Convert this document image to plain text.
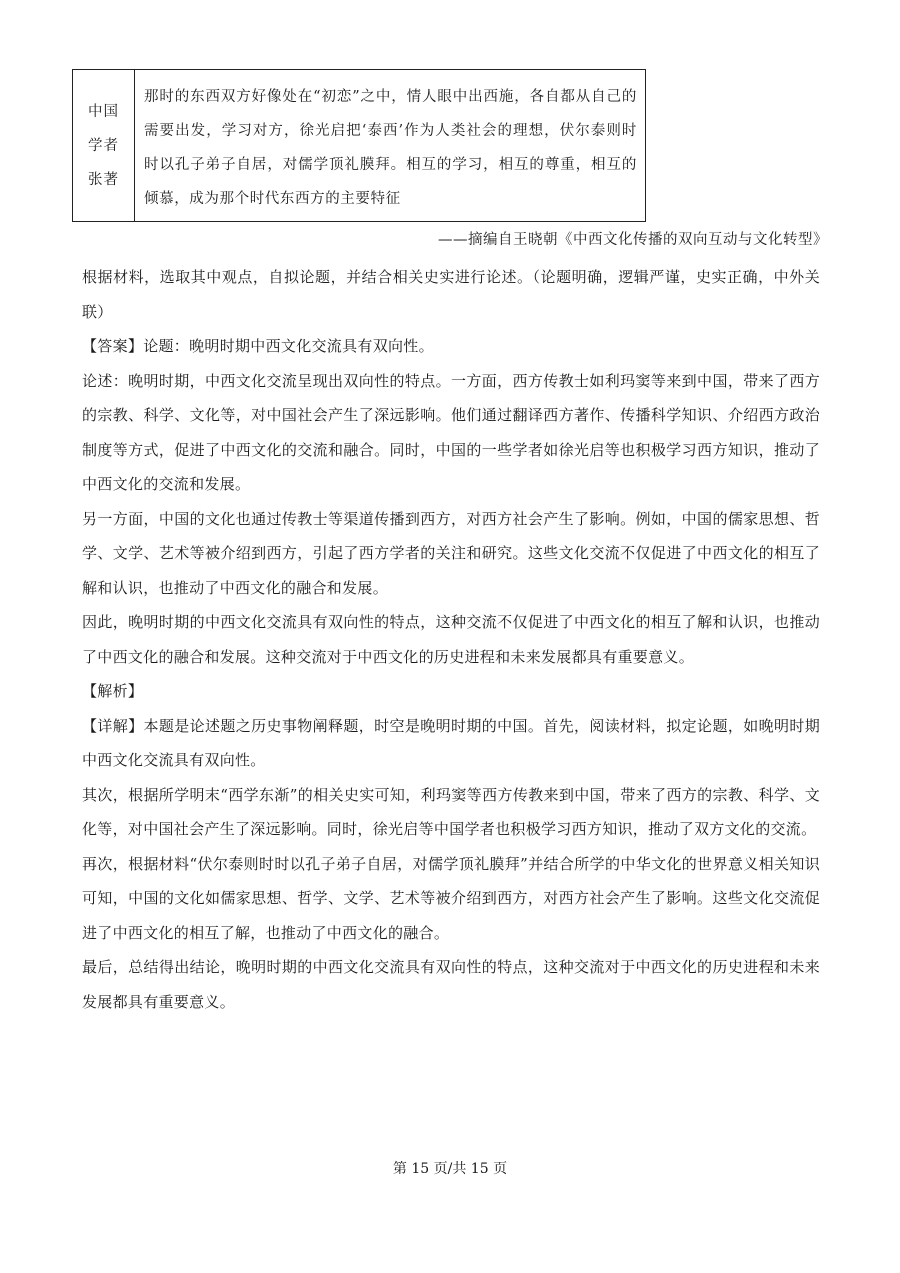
中国
学者
张著
那时的东西双方好像处在“初恋”之中，情人眼中出西施，各自都从自己的需要出发，学习对方，徐光启把‘泰西’作为人类社会的理想，伏尔泰则时时以孔子弟子自居，对儒学顶礼膜拜。相互的学习，相互的尊重，相互的倾慕，成为那个时代东西方的主要特征
——摘编自王晓朝《中西文化传播的双向互动与文化转型》

根据材料，选取其中观点，自拟论题，并结合相关史实进行论述。（论题明确，逻辑严谨，史实正确，中外关联）

【答案】论题：晚明时期中西文化交流具有双向性。

论述：晚明时期，中西文化交流呈现出双向性的特点。一方面，西方传教士如利玛窦等来到中国，带来了西方的宗教、科学、文化等，对中国社会产生了深远影响。他们通过翻译西方著作、传播科学知识、介绍西方政治制度等方式，促进了中西文化的交流和融合。同时，中国的一些学者如徐光启等也积极学习西方知识，推动了中西文化的交流和发展。

另一方面，中国的文化也通过传教士等渠道传播到西方，对西方社会产生了影响。例如，中国的儒家思想、哲学、文学、艺术等被介绍到西方，引起了西方学者的关注和研究。这些文化交流不仅促进了中西文化的相互了解和认识，也推动了中西文化的融合和发展。

因此，晚明时期的中西文化交流具有双向性的特点，这种交流不仅促进了中西文化的相互了解和认识，也推动了中西文化的融合和发展。这种交流对于中西文化的历史进程和未来发展都具有重要意义。

【解析】

【详解】本题是论述题之历史事物阐释题，时空是晚明时期的中国。首先，阅读材料，拟定论题，如晚明时期中西文化交流具有双向性。

其次，根据所学明末“西学东渐”的相关史实可知，利玛窦等西方传教来到中国，带来了西方的宗教、科学、文化等，对中国社会产生了深远影响。同时，徐光启等中国学者也积极学习西方知识，推动了双方文化的交流。

再次，根据材料“伏尔泰则时时以孔子弟子自居，对儒学顶礼膜拜”并结合所学的中华文化的世界意义相关知识可知，中国的文化如儒家思想、哲学、文学、艺术等被介绍到西方，对西方社会产生了影响。这些文化交流促进了中西文化的相互了解，也推动了中西文化的融合。

最后，总结得出结论，晚明时期的中西文化交流具有双向性的特点，这种交流对于中西文化的历史进程和未来发展都具有重要意义。

第 15 页/共 15 页
